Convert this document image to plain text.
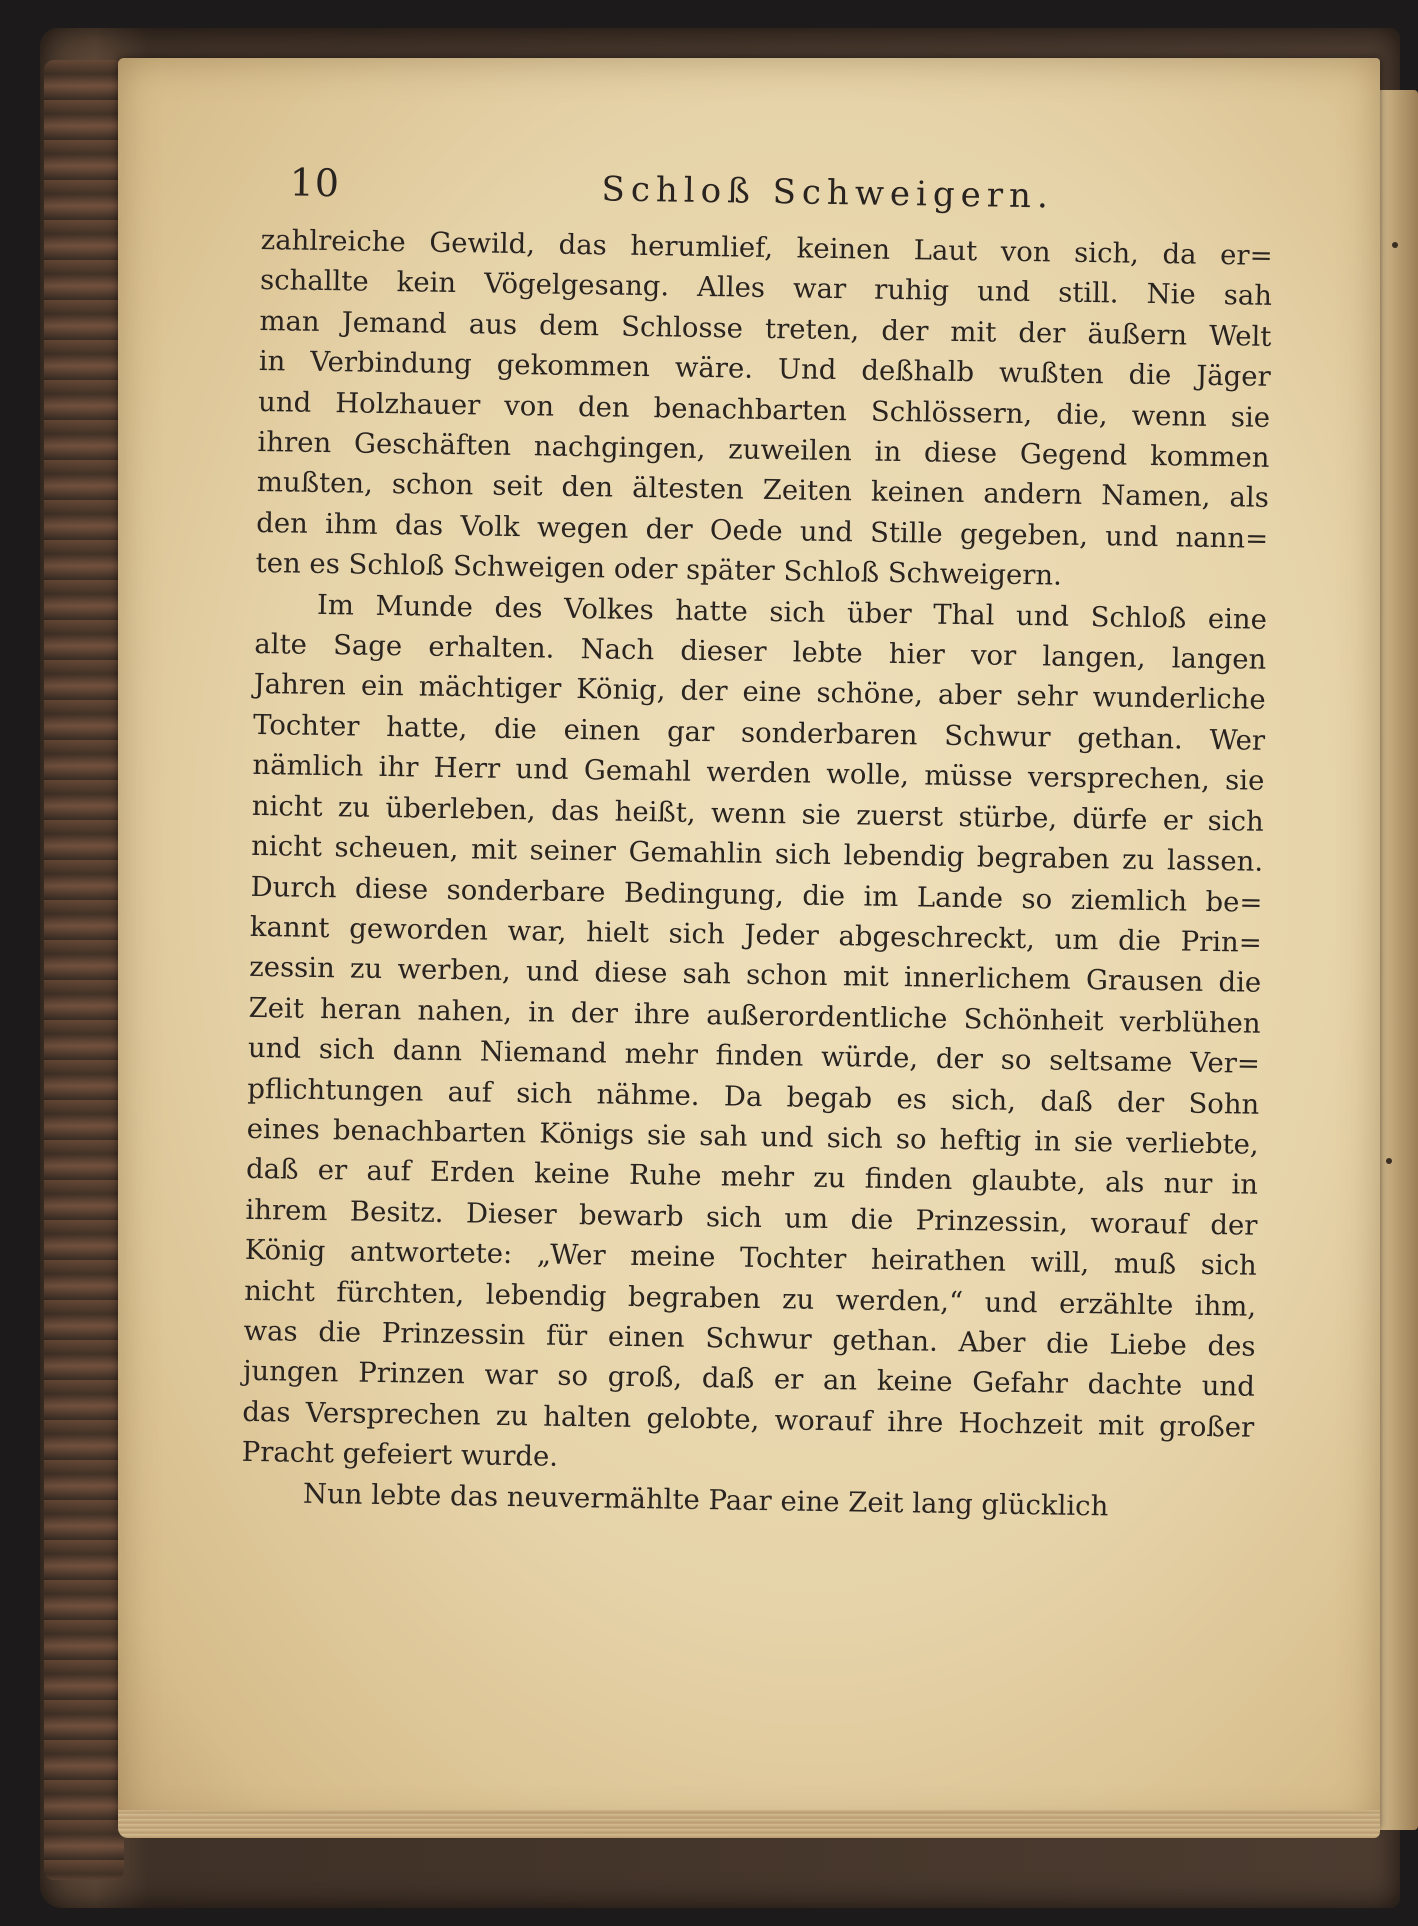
10	Schloß Schweigern.
zahlreiche Gewild, das herumlief, keinen Laut von sich, da er=
schallte kein Vögelgesang. Alles war ruhig und still. Nie sah
man Jemand aus dem Schlosse treten, der mit der äußern Welt
in Verbindung gekommen wäre. Und deßhalb wußten die Jäger
und Holzhauer von den benachbarten Schlössern, die, wenn sie
ihren Geschäften nachgingen, zuweilen in diese Gegend kommen
mußten, schon seit den ältesten Zeiten keinen andern Namen, als
den ihm das Volk wegen der Oede und Stille gegeben, und nann=
ten es Schloß Schweigen oder später Schloß Schweigern.
Im Munde des Volkes hatte sich über Thal und Schloß eine
alte Sage erhalten. Nach dieser lebte hier vor langen, langen
Jahren ein mächtiger König, der eine schöne, aber sehr wunderliche
Tochter hatte, die einen gar sonderbaren Schwur gethan. Wer
nämlich ihr Herr und Gemahl werden wolle, müsse versprechen, sie
nicht zu überleben, das heißt, wenn sie zuerst stürbe, dürfe er sich
nicht scheuen, mit seiner Gemahlin sich lebendig begraben zu lassen.
Durch diese sonderbare Bedingung, die im Lande so ziemlich be=
kannt geworden war, hielt sich Jeder abgeschreckt, um die Prin=
zessin zu werben, und diese sah schon mit innerlichem Grausen die
Zeit heran nahen, in der ihre außerordentliche Schönheit verblühen
und sich dann Niemand mehr finden würde, der so seltsame Ver=
pflichtungen auf sich nähme. Da begab es sich, daß der Sohn
eines benachbarten Königs sie sah und sich so heftig in sie verliebte,
daß er auf Erden keine Ruhe mehr zu finden glaubte, als nur in
ihrem Besitz. Dieser bewarb sich um die Prinzessin, worauf der
König antwortete: „Wer meine Tochter heirathen will, muß sich
nicht fürchten, lebendig begraben zu werden,“ und erzählte ihm,
was die Prinzessin für einen Schwur gethan. Aber die Liebe des
jungen Prinzen war so groß, daß er an keine Gefahr dachte und
das Versprechen zu halten gelobte, worauf ihre Hochzeit mit großer
Pracht gefeiert wurde.
Nun lebte das neuvermählte Paar eine Zeit lang glücklich
